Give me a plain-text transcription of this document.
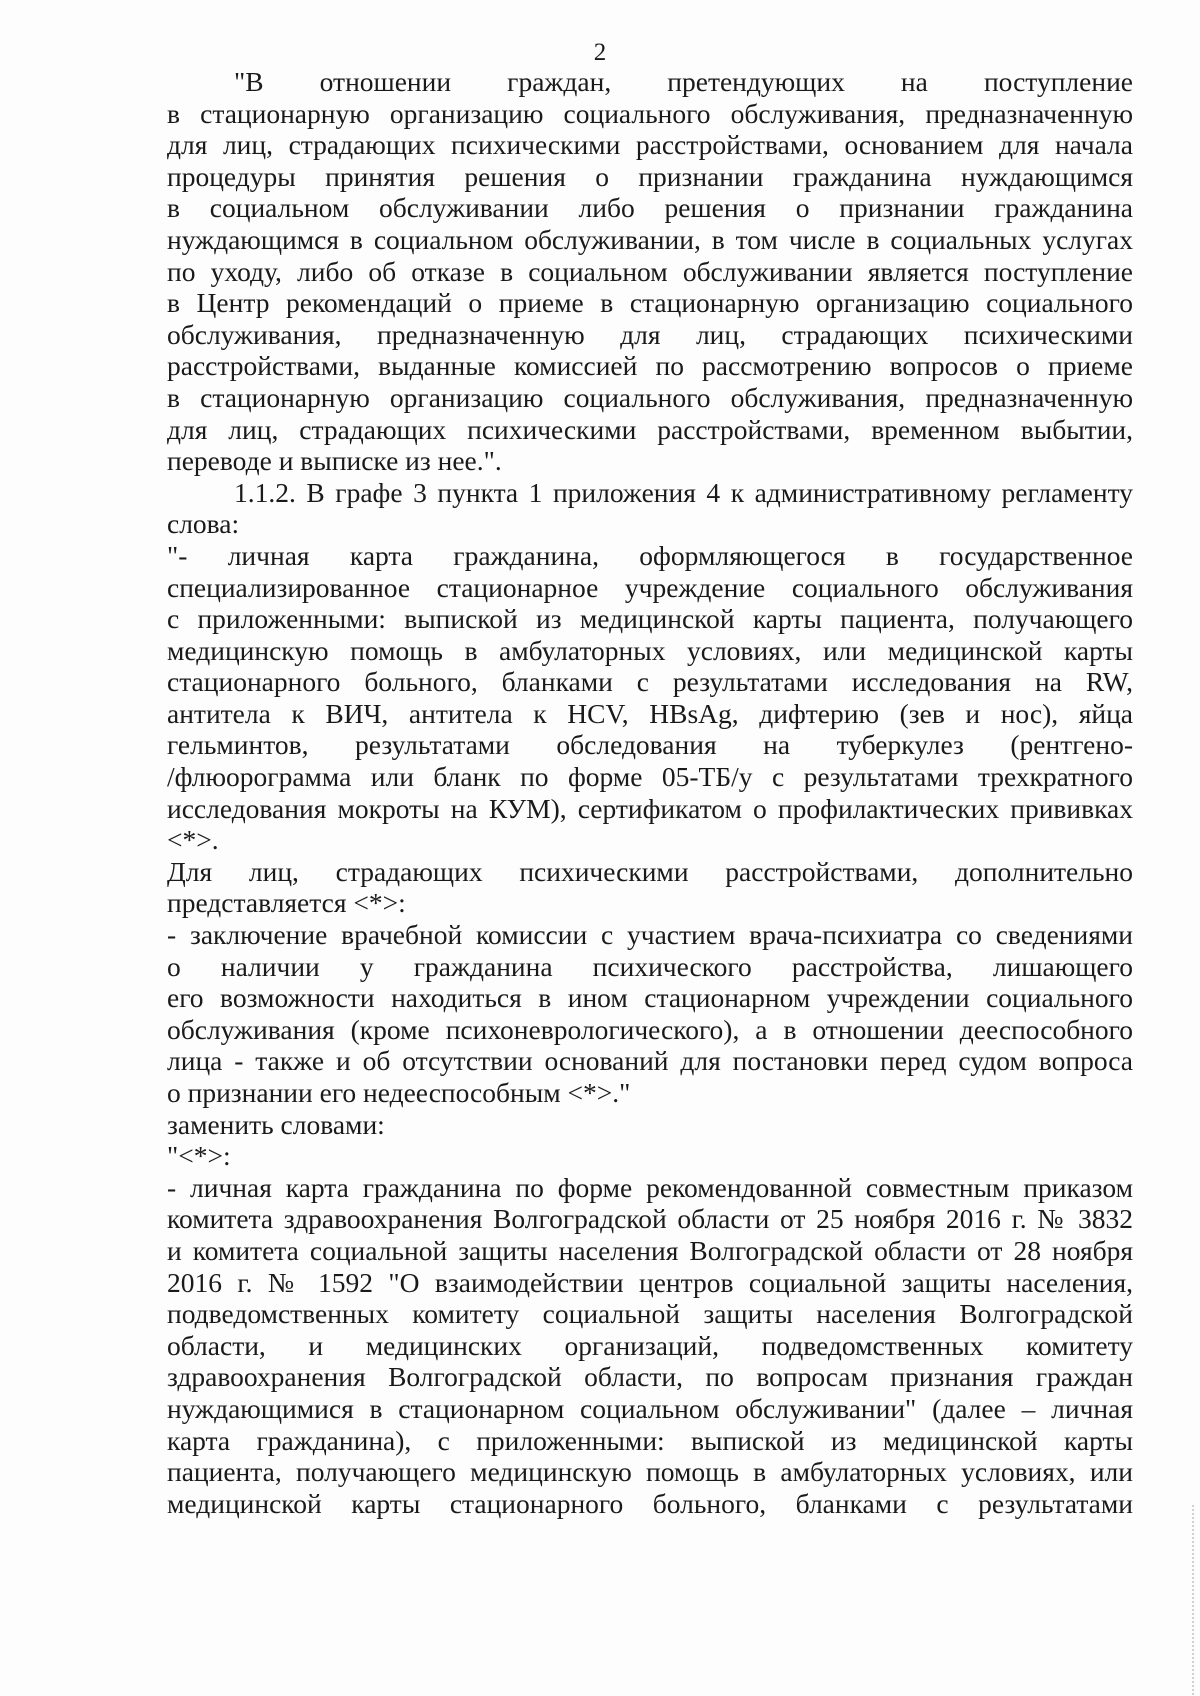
2
"В отношении граждан, претендующих на поступление
в стационарную организацию социального обслуживания, предназначенную
для лиц, страдающих психическими расстройствами, основанием для начала
процедуры принятия решения о признании гражданина нуждающимся
в социальном обслуживании либо решения о признании гражданина
нуждающимся в социальном обслуживании, в том числе в социальных услугах
по уходу, либо об отказе в социальном обслуживании является поступление
в Центр рекомендаций о приеме в стационарную организацию социального
обслуживания, предназначенную для лиц, страдающих психическими
расстройствами, выданные комиссией по рассмотрению вопросов о приеме
в стационарную организацию социального обслуживания, предназначенную
для лиц, страдающих психическими расстройствами, временном выбытии,
переводе и выписке из нее.".
1.1.2. В графе 3 пункта 1 приложения 4 к административному регламенту
слова:
"- личная карта гражданина, оформляющегося в государственное
специализированное стационарное учреждение социального обслуживания
с приложенными: выпиской из медицинской карты пациента, получающего
медицинскую помощь в амбулаторных условиях, или медицинской карты
стационарного больного, бланками с результатами исследования на RW,
антитела к ВИЧ, антитела к HCV, HBsAg, дифтерию (зев и нос), яйца
гельминтов, результатами обследования на туберкулез (рентгено-
/флюорограмма или бланк по форме 05-ТБ/у с результатами трехкратного
исследования мокроты на КУМ), сертификатом о профилактических прививках
<*>.
Для лиц, страдающих психическими расстройствами, дополнительно
представляется <*>:
- заключение врачебной комиссии с участием врача-психиатра со сведениями
о наличии у гражданина психического расстройства, лишающего
его возможности находиться в ином стационарном учреждении социального
обслуживания (кроме психоневрологического), а в отношении дееспособного
лица - также и об отсутствии оснований для постановки перед судом вопроса
о признании его недееспособным <*>."
заменить словами:
"<*>:
- личная карта гражданина по форме рекомендованной совместным приказом
комитета здравоохранения Волгоградской области от 25 ноября 2016 г. № 3832
и комитета социальной защиты населения Волгоградской области от 28 ноября
2016 г. № 1592 "О взаимодействии центров социальной защиты населения,
подведомственных комитету социальной защиты населения Волгоградской
области, и медицинских организаций, подведомственных комитету
здравоохранения Волгоградской области, по вопросам признания граждан
нуждающимися в стационарном социальном обслуживании" (далее – личная
карта гражданина), с приложенными: выпиской из медицинской карты
пациента, получающего медицинскую помощь в амбулаторных условиях, или
медицинской карты стационарного больного, бланками с результатами
